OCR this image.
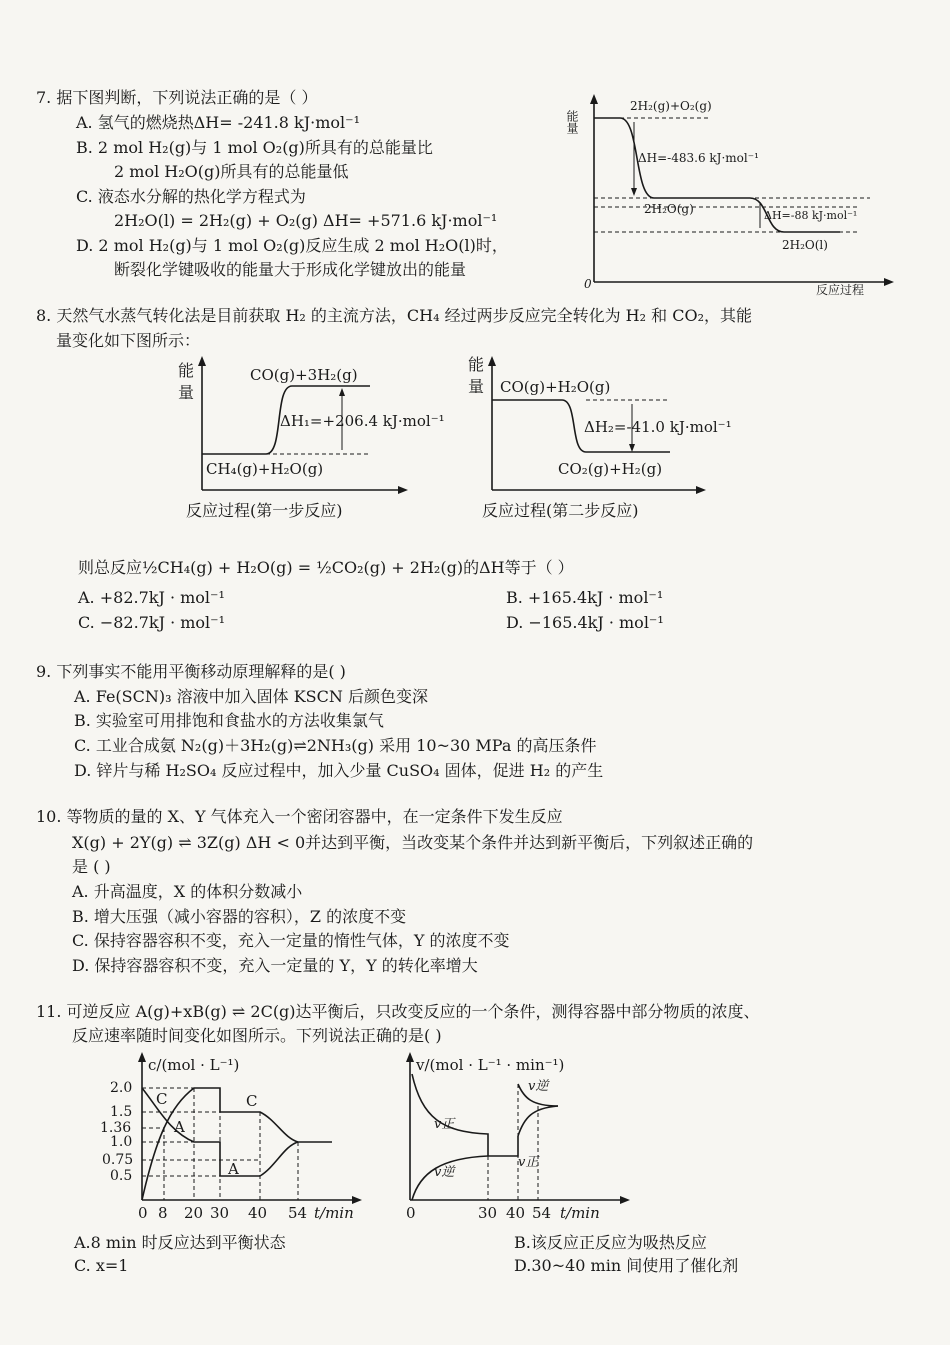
7. 据下图判断，下列说法正确的是（ ）
A. 氢气的燃烧热ΔH= -241.8 kJ·mol⁻¹
B. 2 mol H₂(g)与 1 mol O₂(g)所具有的总能量比
2 mol H₂O(g)所具有的总能量低
C. 液态水分解的热化学方程式为
2H₂O(l) = 2H₂(g) + O₂(g) ΔH= +571.6 kJ·mol⁻¹
D. 2 mol H₂(g)与 1 mol O₂(g)反应生成 2 mol H₂O(l)时，
断裂化学键吸收的能量大于形成化学键放出的能量
能量
2H₂(g)+O₂(g)
ΔH=-483.6 kJ·mol⁻¹
2H₂O(g)	ΔH=-88 kJ·mol⁻¹
2H₂O(l)
0	反应过程
8. 天然气水蒸气转化法是目前获取 H₂ 的主流方法，CH₄ 经过两步反应完全转化为 H₂ 和 CO₂，其能
量变化如下图所示：
能
量
CO(g)+3H₂(g)
ΔH₁=+206.4 kJ·mol⁻¹
CH₄(g)+H₂O(g)
反应过程(第一步反应)
能
量 CO(g)+H₂O(g)
ΔH₂=-41.0 kJ·mol⁻¹
CO₂(g)+H₂(g)
反应过程(第二步反应)
则总反应½CH₄(g) + H₂O(g) = ½CO₂(g) + 2H₂(g)的ΔH等于（ ）
A. +82.7kJ · mol⁻¹	B. +165.4kJ · mol⁻¹
C. −82.7kJ · mol⁻¹	D. −165.4kJ · mol⁻¹
9. 下列事实不能用平衡移动原理解释的是( )
A. Fe(SCN)₃ 溶液中加入固体 KSCN 后颜色变深
B. 实验室可用排饱和食盐水的方法收集氯气
C. 工业合成氨 N₂(g)＋3H₂(g)⇌2NH₃(g) 采用 10~30 MPa 的高压条件
D. 锌片与稀 H₂SO₄ 反应过程中，加入少量 CuSO₄ 固体，促进 H₂ 的产生
10. 等物质的量的 X、Y 气体充入一个密闭容器中，在一定条件下发生反应
X(g) + 2Y(g) ⇌ 3Z(g) ΔH < 0并达到平衡，当改变某个条件并达到新平衡后，下列叙述正确的
是 ( )
A. 升高温度，X 的体积分数减小
B. 增大压强（减小容器的容积），Z 的浓度不变
C. 保持容器容积不变，充入一定量的惰性气体，Y 的浓度不变
D. 保持容器容积不变，充入一定量的 Y，Y 的转化率增大
11. 可逆反应 A(g)+xB(g) ⇌ 2C(g)达平衡后，只改变反应的一个条件，测得容器中部分物质的浓度、
反应速率随时间变化如图所示。下列说法正确的是( )
c/(mol · L⁻¹)
2.0
1.5
1.36
1.0
0.75
0.5
C
A
C
A
0 8 20 30 40 54 t/min
v/(mol · L⁻¹ · min⁻¹)
v正
v逆
v逆
v正
0	30 40 54 t/min
A.8 min 时反应达到平衡状态	B.该反应正反应为吸热反应
C. x=1	D.30~40 min 间使用了催化剂
